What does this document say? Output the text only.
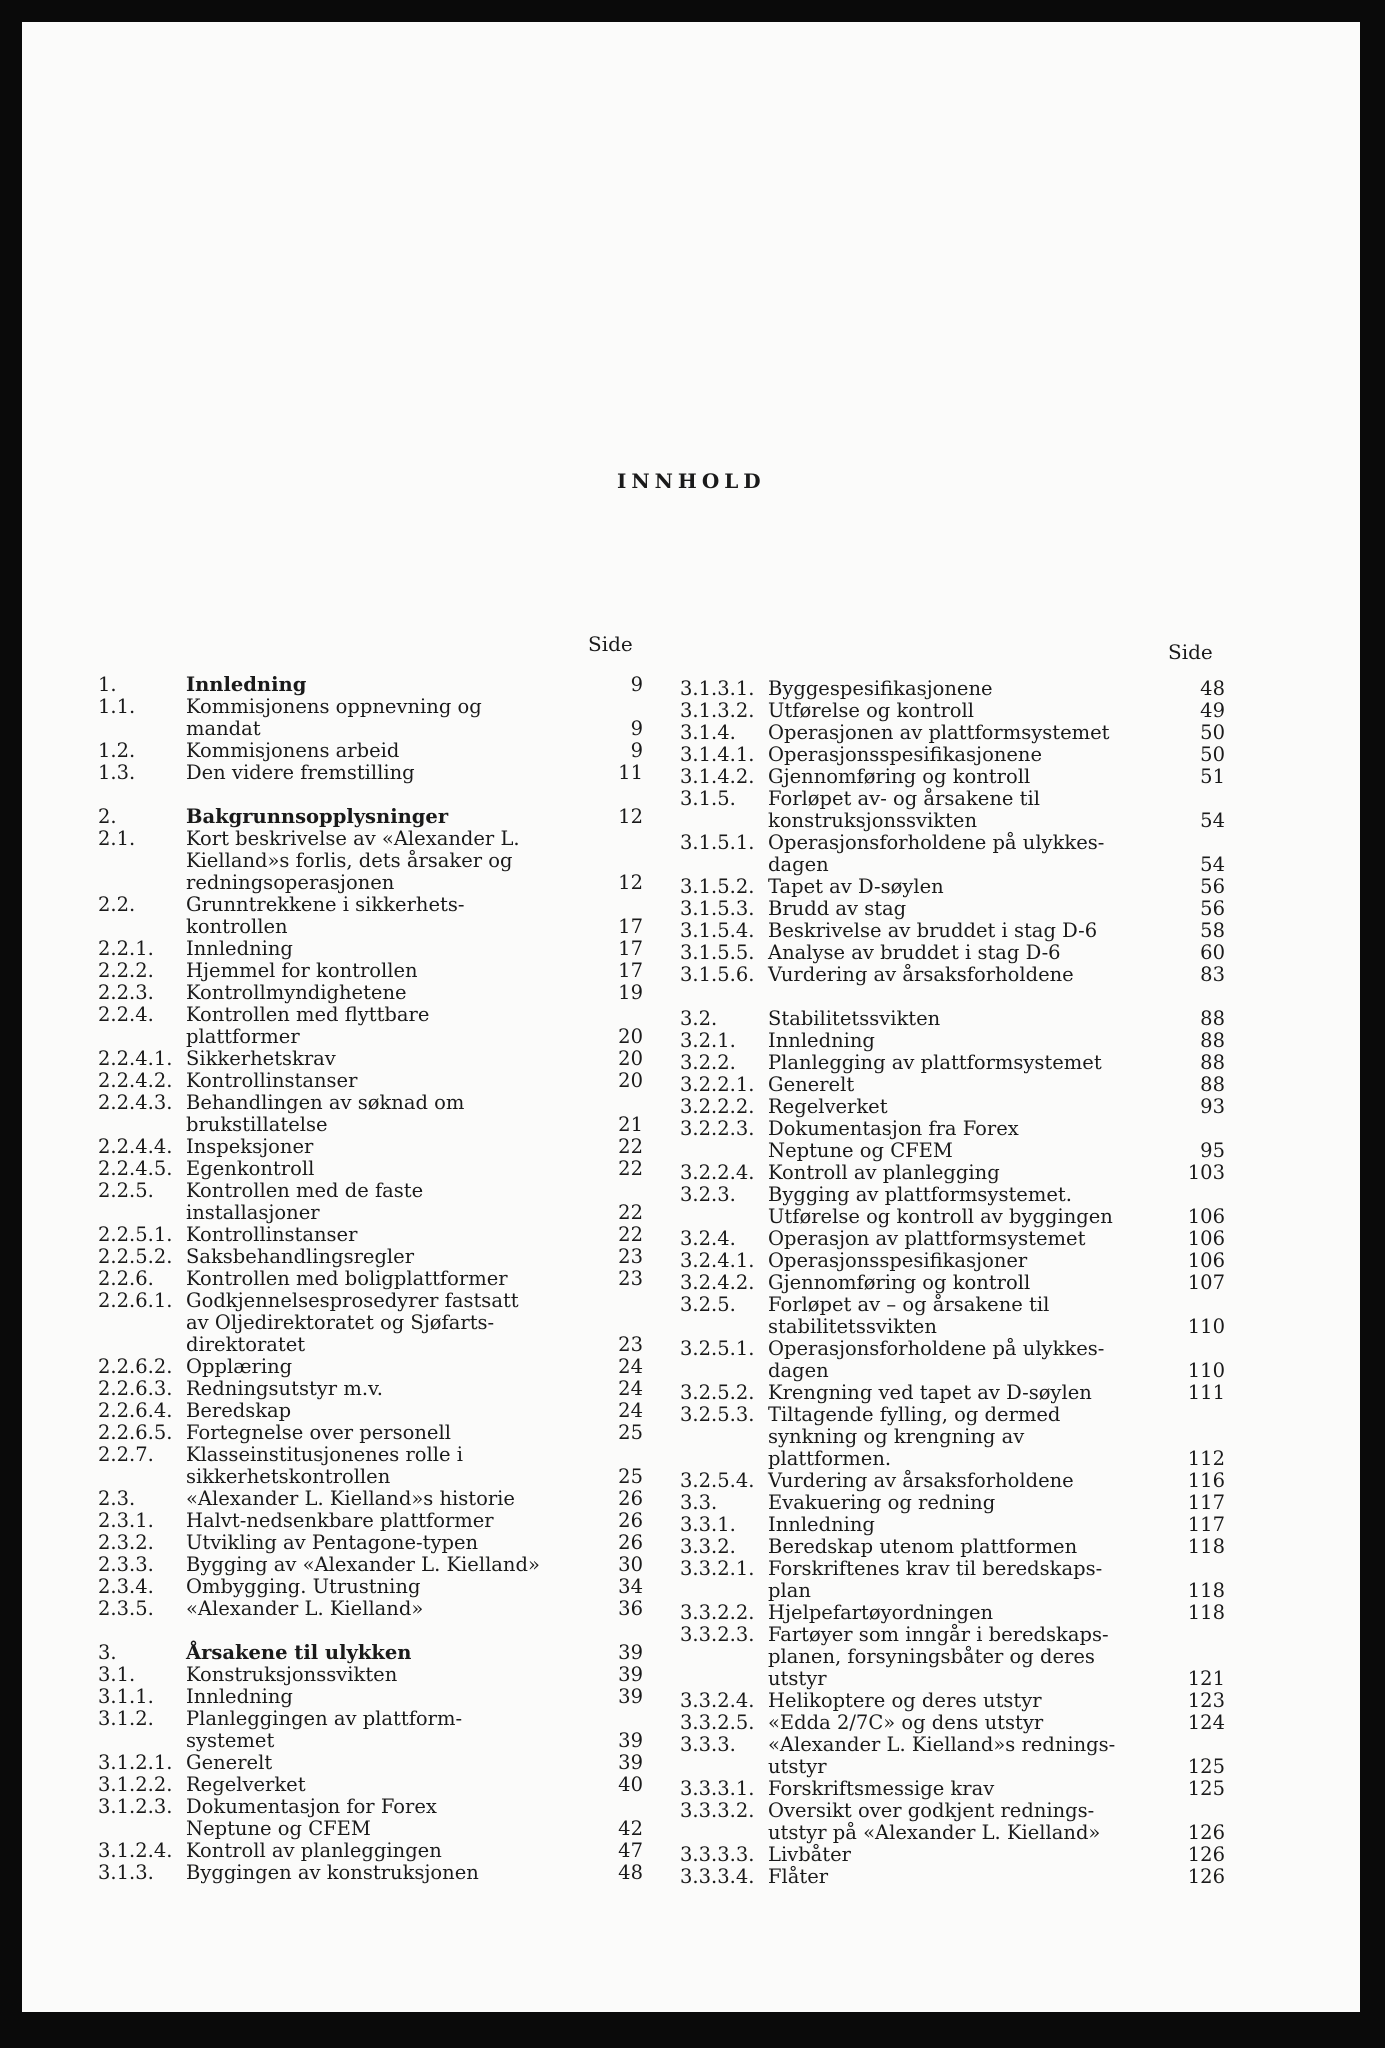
INNHOLD
Side	Side
1.	Innledning	9
1.1.	Kommisjonens oppnevning og
mandat	9
1.2.	Kommisjonens arbeid	9
1.3.	Den videre fremstilling	11
2.	Bakgrunnsopplysninger	12
2.1.	Kort beskrivelse av «Alexander L.
Kielland»s forlis, dets årsaker og
redningsoperasjonen	12
2.2.	Grunntrekkene i sikkerhets-
kontrollen	17
2.2.1.	Innledning	17
2.2.2.	Hjemmel for kontrollen	17
2.2.3.	Kontrollmyndighetene	19
2.2.4.	Kontrollen med flyttbare
plattformer	20
2.2.4.1. Sikkerhetskrav	20
2.2.4.2. Kontrollinstanser	20
2.2.4.3. Behandlingen av søknad om
brukstillatelse	21
2.2.4.4. Inspeksjoner	22
2.2.4.5. Egenkontroll	22
2.2.5.	Kontrollen med de faste
installasjoner	22
2.2.5.1. Kontrollinstanser	22
2.2.5.2. Saksbehandlingsregler	23
2.2.6.	Kontrollen med boligplattformer	23
2.2.6.1. Godkjennelsesprosedyrer fastsatt
av Oljedirektoratet og Sjøfarts-
direktoratet	23
2.2.6.2. Opplæring	24
2.2.6.3. Redningsutstyr m.v.	24
2.2.6.4. Beredskap	24
2.2.6.5. Fortegnelse over personell	25
2.2.7.	Klasseinstitusjonenes rolle i
sikkerhetskontrollen	25
2.3.	«Alexander L. Kielland»s historie	26
2.3.1.	Halvt-nedsenkbare plattformer	26
2.3.2.	Utvikling av Pentagone-typen	26
2.3.3.	Bygging av «Alexander L. Kielland»	30
2.3.4.	Ombygging. Utrustning	34
2.3.5.	«Alexander L. Kielland»	36
3.	Årsakene til ulykken	39
3.1.	Konstruksjonssvikten	39
3.1.1.	Innledning	39
3.1.2.	Planleggingen av plattform-
systemet	39
3.1.2.1. Generelt	39
3.1.2.2. Regelverket	40
3.1.2.3. Dokumentasjon for Forex
Neptune og CFEM	42
3.1.2.4. Kontroll av planleggingen	47
3.1.3.	Byggingen av konstruksjonen	48
3.1.3.1. Byggespesifikasjonene	48
3.1.3.2. Utførelse og kontroll	49
3.1.4.	Operasjonen av plattformsystemet	50
3.1.4.1. Operasjonsspesifikasjonene	50
3.1.4.2. Gjennomføring og kontroll	51
3.1.5.	Forløpet av- og årsakene til
konstruksjonssvikten	54
3.1.5.1. Operasjonsforholdene på ulykkes-
dagen	54
3.1.5.2. Tapet av D-søylen	56
3.1.5.3. Brudd av stag	56
3.1.5.4. Beskrivelse av bruddet i stag D-6	58
3.1.5.5. Analyse av bruddet i stag D-6	60
3.1.5.6. Vurdering av årsaksforholdene	83
3.2.	Stabilitetssvikten	88
3.2.1.	Innledning	88
3.2.2.	Planlegging av plattformsystemet	88
3.2.2.1. Generelt	88
3.2.2.2. Regelverket	93
3.2.2.3. Dokumentasjon fra Forex
Neptune og CFEM	95
3.2.2.4. Kontroll av planlegging	103
3.2.3.	Bygging av plattformsystemet.
Utførelse og kontroll av byggingen	106
3.2.4.	Operasjon av plattformsystemet	106
3.2.4.1. Operasjonsspesifikasjoner	106
3.2.4.2. Gjennomføring og kontroll	107
3.2.5.	Forløpet av – og årsakene til
stabilitetssvikten	110
3.2.5.1. Operasjonsforholdene på ulykkes-
dagen	110
3.2.5.2. Krengning ved tapet av D-søylen	111
3.2.5.3. Tiltagende fylling, og dermed
synkning og krengning av
plattformen.	112
3.2.5.4. Vurdering av årsaksforholdene	116
3.3.	Evakuering og redning	117
3.3.1.	Innledning	117
3.3.2.	Beredskap utenom plattformen	118
3.3.2.1. Forskriftenes krav til beredskaps-
plan	118
3.3.2.2. Hjelpefartøyordningen	118
3.3.2.3. Fartøyer som inngår i beredskaps-
planen, forsyningsbåter og deres
utstyr	121
3.3.2.4. Helikoptere og deres utstyr	123
3.3.2.5. «Edda 2/7C» og dens utstyr	124
3.3.3.	«Alexander L. Kielland»s rednings-
utstyr	125
3.3.3.1. Forskriftsmessige krav	125
3.3.3.2. Oversikt over godkjent rednings-
utstyr på «Alexander L. Kielland»	126
3.3.3.3. Livbåter	126
3.3.3.4. Flåter	126
